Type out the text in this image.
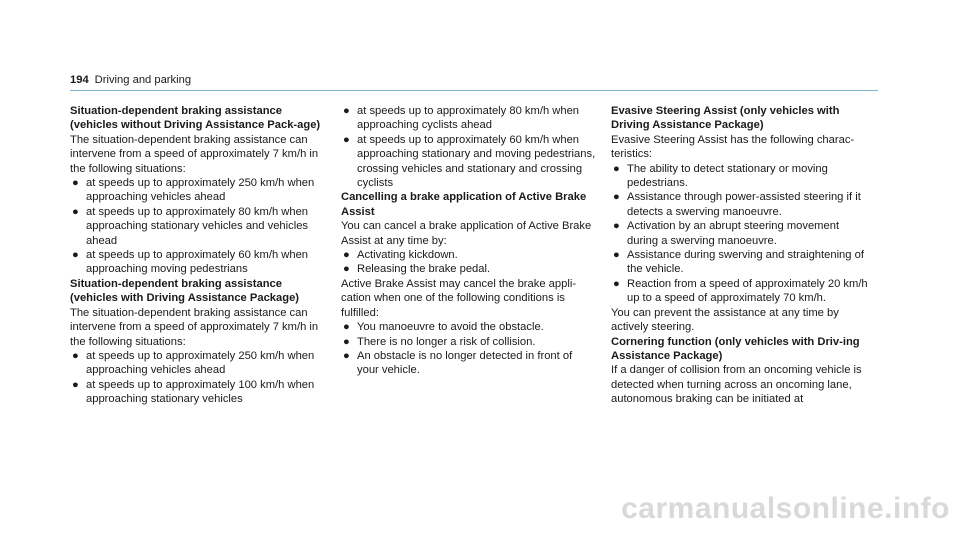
194 Driving and parking

Situation-dependent braking assistance (vehicles without Driving Assistance Pack-age)

The situation-dependent braking assistance can intervene from a speed of approximately 7 km/h in the following situations:

● at speeds up to approximately 250 km/h when approaching vehicles ahead
● at speeds up to approximately 80 km/h when approaching stationary vehicles and vehicles ahead
● at speeds up to approximately 60 km/h when approaching moving pedestrians

Situation-dependent braking assistance (vehicles with Driving Assistance Package)

The situation-dependent braking assistance can intervene from a speed of approximately 7 km/h in the following situations:

● at speeds up to approximately 250 km/h when approaching vehicles ahead
● at speeds up to approximately 100 km/h when approaching stationary vehicles
● at speeds up to approximately 80 km/h when approaching cyclists ahead
● at speeds up to approximately 60 km/h when approaching stationary and moving pedestrians, crossing vehicles and stationary and crossing cyclists

Cancelling a brake application of Active Brake Assist

You can cancel a brake application of Active Brake Assist at any time by:

● Activating kickdown.
● Releasing the brake pedal.

Active Brake Assist may cancel the brake appli-cation when one of the following conditions is fulfilled:

● You manoeuvre to avoid the obstacle.
● There is no longer a risk of collision.
● An obstacle is no longer detected in front of your vehicle.

Evasive Steering Assist (only vehicles with Driving Assistance Package)

Evasive Steering Assist has the following charac-teristics:

● The ability to detect stationary or moving pedestrians.
● Assistance through power-assisted steering if it detects a swerving manoeuvre.
● Activation by an abrupt steering movement during a swerving manoeuvre.
● Assistance during swerving and straightening of the vehicle.
● Reaction from a speed of approximately 20 km/h up to a speed of approximately 70 km/h.

You can prevent the assistance at any time by actively steering.

Cornering function (only vehicles with Driv-ing Assistance Package)

If a danger of collision from an oncoming vehicle is detected when turning across an oncoming lane, autonomous braking can be initiated at

carmanualsonline.info
